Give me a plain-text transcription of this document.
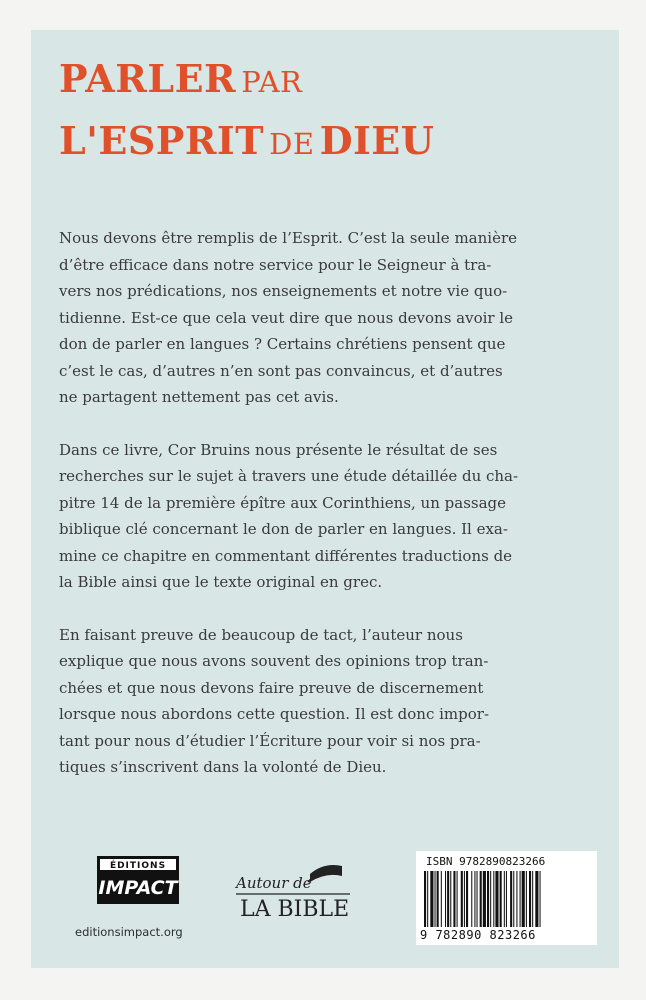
PARLER PAR
L'ESPRIT DE DIEU
Nous devons être remplis de l’Esprit. C’est la seule manière
d’être efficace dans notre service pour le Seigneur à tra-
vers nos prédications, nos enseignements et notre vie quo-
tidienne. Est-ce que cela veut dire que nous devons avoir le
don de parler en langues ? Certains chrétiens pensent que
c’est le cas, d’autres n’en sont pas convaincus, et d’autres
ne partagent nettement pas cet avis.
Dans ce livre, Cor Bruins nous présente le résultat de ses
recherches sur le sujet à travers une étude détaillée du cha-
pitre 14 de la première épître aux Corinthiens, un passage
biblique clé concernant le don de parler en langues. Il exa-
mine ce chapitre en commentant différentes traductions de
la Bible ainsi que le texte original en grec.
En faisant preuve de beaucoup de tact, l’auteur nous
explique que nous avons souvent des opinions trop tran-
chées et que nous devons faire preuve de discernement
lorsque nous abordons cette question. Il est donc impor-
tant pour nous d’étudier l’Écriture pour voir si nos pra-
tiques s’inscrivent dans la volonté de Dieu.
ÉDITIONS
IMPACT
editionsimpact.org
Autour de
LA BIBLE
ISBN 9782890823266
9 782890 823266
